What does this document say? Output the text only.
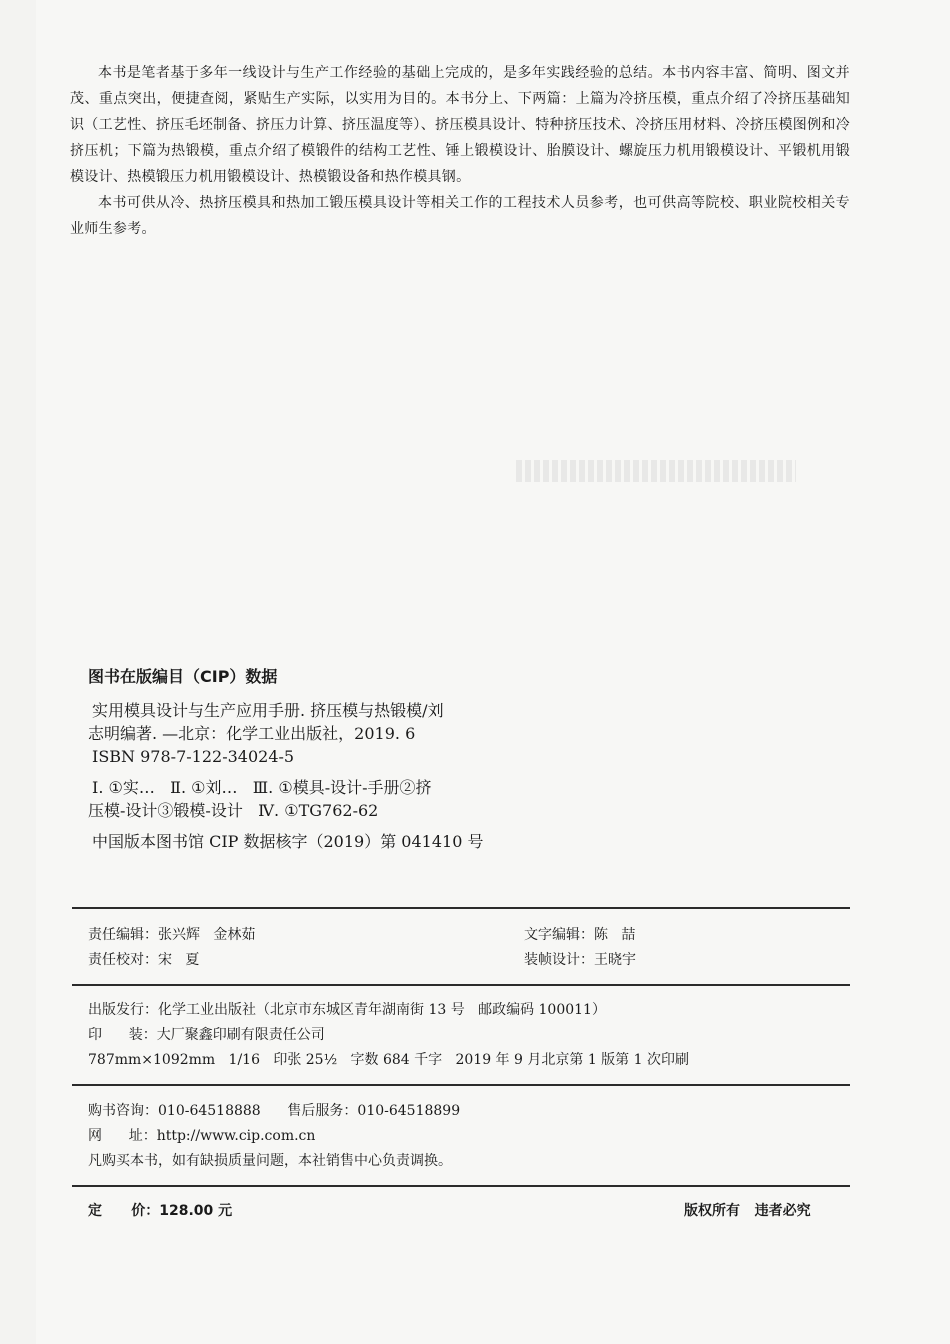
本书是笔者基于多年一线设计与生产工作经验的基础上完成的，是多年实践经验的总结。本书内容丰富、简明、图文并茂、重点突出，便捷查阅，紧贴生产实际，以实用为目的。本书分上、下两篇：上篇为冷挤压模，重点介绍了冷挤压基础知识（工艺性、挤压毛坯制备、挤压力计算、挤压温度等）、挤压模具设计、特种挤压技术、冷挤压用材料、冷挤压模图例和冷挤压机；下篇为热锻模，重点介绍了模锻件的结构工艺性、锤上锻模设计、胎膜设计、螺旋压力机用锻模设计、平锻机用锻模设计、热模锻压力机用锻模设计、热模锻设备和热作模具钢。

本书可供从冷、热挤压模具和热加工锻压模具设计等相关工作的工程技术人员参考，也可供高等院校、职业院校相关专业师生参考。

图书在版编目（CIP）数据
实用模具设计与生产应用手册. 挤压模与热锻模/刘
志明编著. —北京：化学工业出版社，2019. 6
ISBN 978-7-122-34024-5
Ⅰ. ①实…   Ⅱ. ①刘…   Ⅲ. ①模具-设计-手册②挤
压模-设计③锻模-设计   Ⅳ. ①TG762-62
中国版本图书馆 CIP 数据核字（2019）第 041410 号
责任编辑：张兴辉   金林茹
责任校对：宋   夏
文字编辑：陈   喆
装帧设计：王晓宇
出版发行：化学工业出版社（北京市东城区青年湖南街 13 号   邮政编码 100011）
印      装：大厂聚鑫印刷有限责任公司
787mm×1092mm   1/16   印张 25½   字数 684 千字   2019 年 9 月北京第 1 版第 1 次印刷
购书咨询：010-64518888      售后服务：010-64518899
网      址：http://www.cip.com.cn
凡购买本书，如有缺损质量问题，本社销售中心负责调换。
定      价：128.00 元	版权所有   违者必究
